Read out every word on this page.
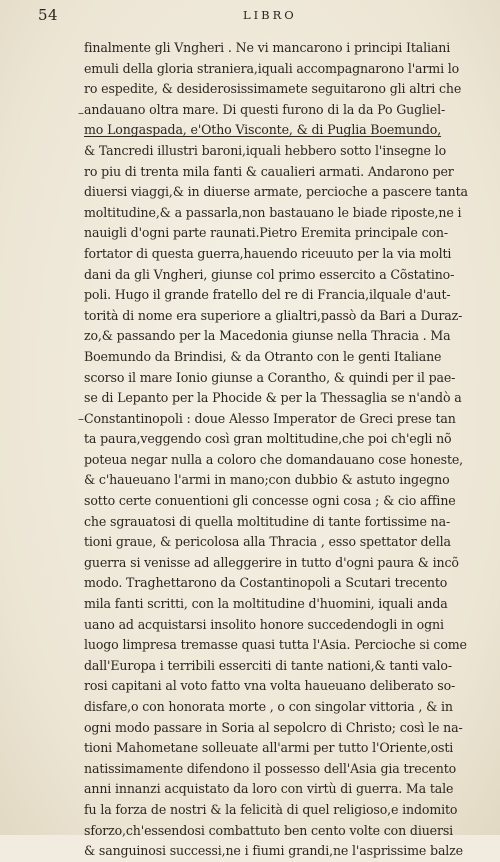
54	LIBRO
–
–
finalmente gli Vngheri . Ne vi mancarono i principi Italiani
emuli della gloria straniera,iquali accompagnarono l'armi lo
ro espedite, & desiderosissimamete seguitarono gli altri che
andauano oltra mare. Di questi furono di la da Po Gugliel-
mo Longaspada, e'Otho Visconte, & di Puglia Boemundo,
& Tancredi illustri baroni,iquali hebbero sotto l'insegne lo
ro piu di trenta mila fanti & caualieri armati. Andarono per
diuersi viaggi,& in diuerse armate, percioche a pascere tanta
moltitudine,& a passarla,non bastauano le biade riposte,ne i
nauigli d'ogni parte raunati.Pietro Eremita principale con-
fortator di questa guerra,hauendo riceuuto per la via molti
dani da gli Vngheri, giunse col primo essercito a Cõstatino-
poli. Hugo il grande fratello del re di Francia,ilquale d'aut-
torità di nome era superiore a glialtri,passò da Bari a Duraz-
zo,& passando per la Macedonia giunse nella Thracia . Ma
Boemundo da Brindisi, & da Otranto con le genti Italiane
scorso il mare Ionio giunse a Corantho, & quindi per il pae-
se di Lepanto per la Phocide & per la Thessaglia se n'andò a
Constantinopoli : doue Alesso Imperator de Greci prese tan
ta paura,veggendo così gran moltitudine,che poi ch'egli nõ
poteua negar nulla a coloro che domandauano cose honeste,
& c'haueuano l'armi in mano;con dubbio & astuto ingegno
sotto certe conuentioni gli concesse ogni cosa ; & cio affine
che sgrauatosi di quella moltitudine di tante fortissime na-
tioni graue, & pericolosa alla Thracia , esso spettator della
guerra si venisse ad alleggerire in tutto d'ogni paura & incõ
modo. Traghettarono da Costantinopoli a Scutari trecento
mila fanti scritti, con la moltitudine d'huomini, iquali anda
uano ad acquistarsi insolito honore succedendogli in ogni
luogo limpresa tremasse quasi tutta l'Asia. Percioche si come
dall'Europa i terribili esserciti di tante nationi,& tanti valo-
rosi capitani al voto fatto vna volta haueuano deliberato so-
disfare,o con honorata morte , o con singolar vittoria , & in
ogni modo passare in Soria al sepolcro di Christo; così le na-
tioni Mahometane solleuate all'armi per tutto l'Oriente,osti
natissimamente difendono il possesso dell'Asia gia trecento
anni innanzi acquistato da loro con virtù di guerra. Ma tale
fu la forza de nostri & la felicità di quel religioso,e indomito
sforzo,ch'essendosi combattuto ben cento volte con diuersi
& sanguinosi successi,ne i fiumi grandi,ne l'asprissime balze
